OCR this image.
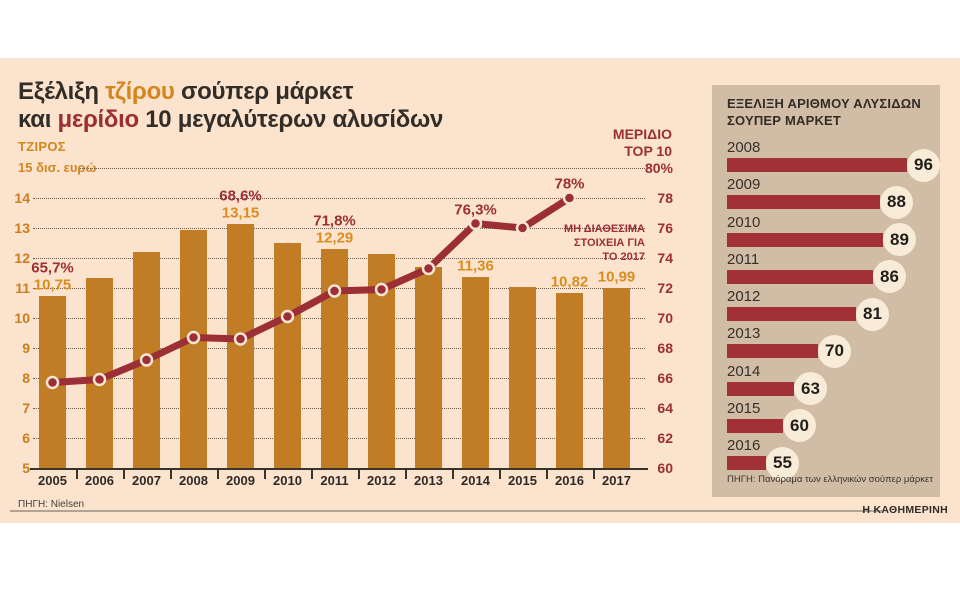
Εξέλιξη τζίρου σούπερ μάρκετ
και μερίδιο 10 μεγαλύτερων αλυσίδων
ΤΖΙΡΟΣ
15 δισ. ευρώ
ΜΕΡΙΔΙΟ
TOP 10
14
13
12
11
10
9
8
7
6
5
80%
78
76
74
72
70
68
66
64
62
60
2005 2006 2007 2008 2009 2010 2011 2012 2013 2014 2015 2016 2017
10,75
65,7%
13,15
68,6%
12,29
71,8%
11,36
76,3%
10,82
78%
10,99
ΜΗ ΔΙΑΘΕΣΙΜΑ
ΣΤΟΙΧΕΙΑ ΓΙΑ
ΤΟ 2017
ΠΗΓΗ: Nielsen
ΕΞΕΛΙΞΗ ΑΡΙΘΜΟΥ ΑΛΥΣΙΔΩΝ
ΣΟΥΠΕΡ ΜΑΡΚΕΤ
2008
96
2009
88
2010
89
2011
86
2012
81
2013
70
2014
63
2015
60
2016
55
ΠΗΓΗ: Πανόραμα των ελληνικών σούπερ μάρκετ
Η ΚΑΘΗΜΕΡΙΝΗ
